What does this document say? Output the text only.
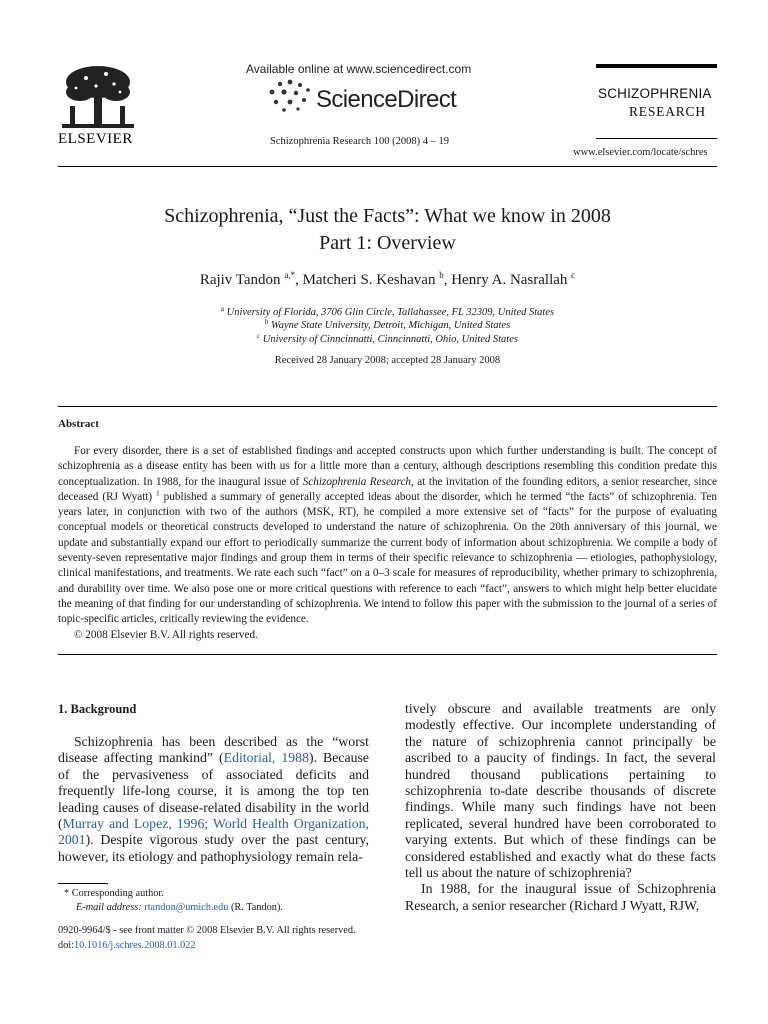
ELSEVIER
Available online at www.sciencedirect.com
ScienceDirect
Schizophrenia Research 100 (2008) 4 – 19
SCHIZOPHRENIA
RESEARCH
www.elsevier.com/locate/schres
Schizophrenia, “Just the Facts”: What we know in 2008
Part 1: Overview
Rajiv Tandon $^{a,*}$, Matcheri S. Keshavan $^b$, Henry A. Nasrallah $^c$
$^a$ University of Florida, 3706 Glin Circle, Tallahassee, FL 32309, United States
$^b$ Wayne State University, Detroit, Michigan, United States
$^c$ University of Cinncinnatti, Cinncinnatti, Ohio, United States
Received 28 January 2008; accepted 28 January 2008
Abstract

For every disorder, there is a set of established findings and accepted constructs upon which further understanding is built. The concept of schizophrenia as a disease entity has been with us for a little more than a century, although descriptions resembling this condition predate this conceptualization. In 1988, for the inaugural issue of Schizophrenia Research, at the invitation of the founding editors, a senior researcher, since deceased (RJ Wyatt) $^1$ published a summary of generally accepted ideas about the disorder, which he termed “the facts” of schizophrenia. Ten years later, in conjunction with two of the authors (MSK, RT), he compiled a more extensive set of “facts” for the purpose of evaluating conceptual models or theoretical constructs developed to understand the nature of schizophrenia. On the 20th anniversary of this journal, we update and substantially expand our effort to periodically summarize the current body of information about schizophrenia. We compile a body of seventy-seven representative major findings and group them in terms of their specific relevance to schizophrenia — etiologies, pathophysiology, clinical manifestations, and treatments. We rate each such “fact” on a 0–3 scale for measures of reproducibility, whether primary to schizophrenia, and durability over time. We also pose one or more critical questions with reference to each “fact”, answers to which might help better elucidate the meaning of that finding for our understanding of schizophrenia. We intend to follow this paper with the submission to the journal of a series of topic-specific articles, critically reviewing the evidence.
© 2008 Elsevier B.V. All rights reserved.

1. Background

Schizophrenia has been described as the “worst disease affecting mankind” (Editorial, 1988). Because of the pervasiveness of associated deficits and frequently life-long course, it is among the top ten leading causes of disease-related disability in the world (Murray and Lopez, 1996; World Health Organization, 2001). Despite vigorous study over the past century, however, its etiology and pathophysiology remain rela-

tively obscure and available treatments are only modestly effective. Our incomplete understanding of the nature of schizophrenia cannot principally be ascribed to a paucity of findings. In fact, the several hundred thousand publications pertaining to schizophrenia to-date describe thousands of discrete findings. While many such findings have not been replicated, several hundred have been corroborated to varying extents. But which of these findings can be considered established and exactly what do these facts tell us about the nature of schizophrenia?

In 1988, for the inaugural issue of Schizophrenia Research, a senior researcher (Richard J Wyatt, RJW,

* Corresponding author.
E-mail address: rtandon@umich.edu (R. Tandon).
0920-9964/$ - see front matter © 2008 Elsevier B.V. All rights reserved.
doi:10.1016/j.schres.2008.01.022
